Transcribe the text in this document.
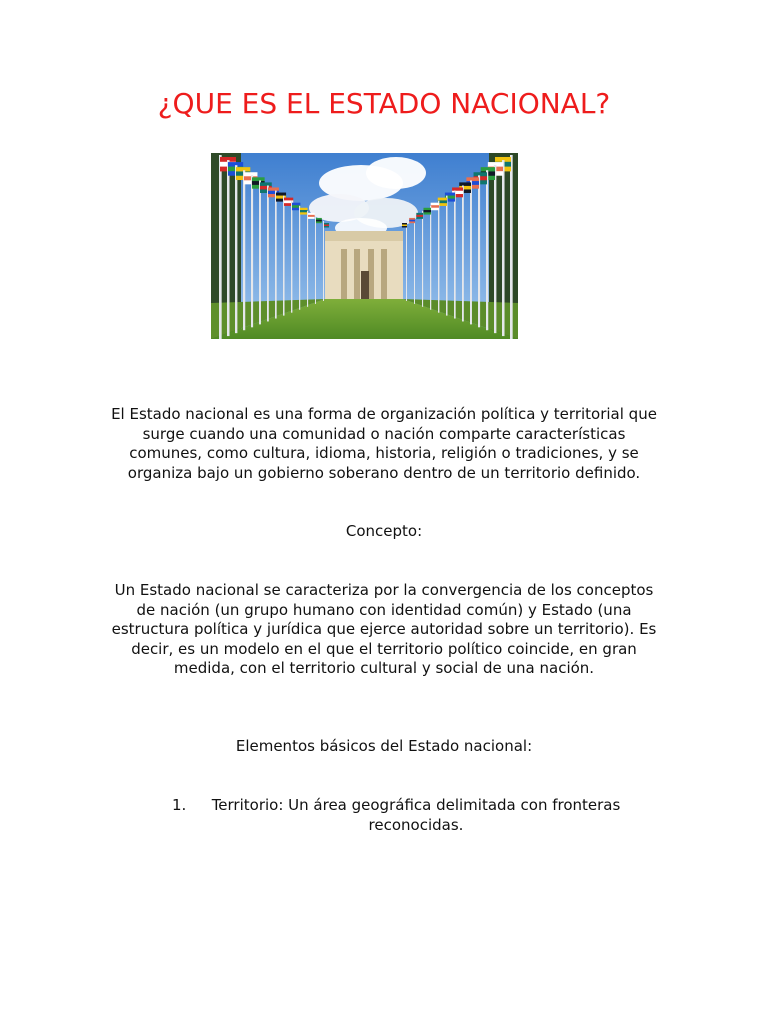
¿QUE ES EL ESTADO NACIONAL?

El Estado nacional es una forma de organización política y territorial que surge cuando una comunidad o nación comparte características comunes, como cultura, idioma, historia, religión o tradiciones, y se organiza bajo un gobierno soberano dentro de un territorio definido.

Concepto:

Un Estado nacional se caracteriza por la convergencia de los conceptos de nación (un grupo humano con identidad común) y Estado (una estructura política y jurídica que ejerce autoridad sobre un territorio). Es decir, es un modelo en el que el territorio político coincide, en gran medida, con el territorio cultural y social de una nación.

Elementos básicos del Estado nacional:

1. Territorio: Un área geográfica delimitada con fronteras reconocidas.
